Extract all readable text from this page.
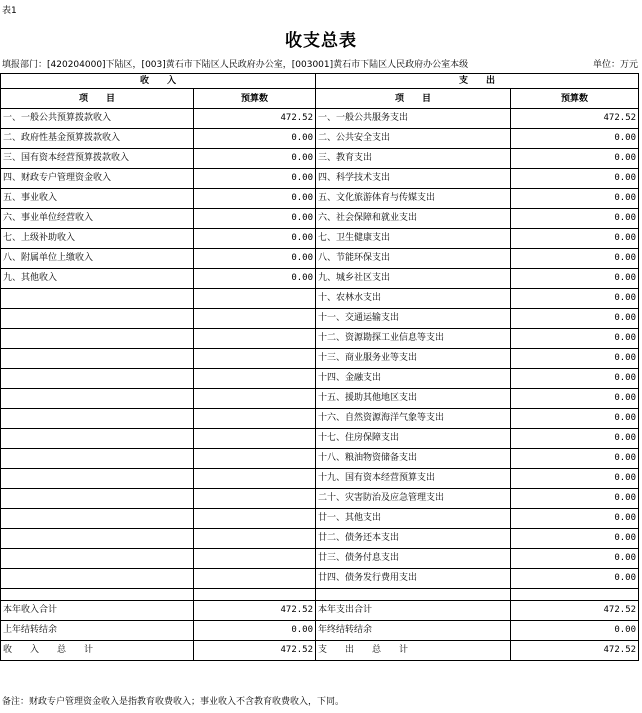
表1
收支总表
填报部门：[420204000]下陆区，[003]黄石市下陆区人民政府办公室，[003001]黄石市下陆区人民政府办公室本级	单位：万元
收　　入		支　　出	
项　　目	预算数	项　　目	预算数
一、一般公共预算拨款收入	472.52	一、一般公共服务支出	472.52
二、政府性基金预算拨款收入	0.00	二、公共安全支出	0.00
三、国有资本经营预算拨款收入	0.00	三、教育支出	0.00
四、财政专户管理资金收入	0.00	四、科学技术支出	0.00
五、事业收入	0.00	五、文化旅游体育与传媒支出	0.00
六、事业单位经营收入	0.00	六、社会保障和就业支出	0.00
七、上级补助收入	0.00	七、卫生健康支出	0.00
八、附属单位上缴收入	0.00	八、节能环保支出	0.00
九、其他收入	0.00	九、城乡社区支出	0.00
		十、农林水支出	0.00
		十一、交通运输支出	0.00
		十二、资源勘探工业信息等支出	0.00
		十三、商业服务业等支出	0.00
		十四、金融支出	0.00
		十五、援助其他地区支出	0.00
		十六、自然资源海洋气象等支出	0.00
		十七、住房保障支出	0.00
		十八、粮油物资储备支出	0.00
		十九、国有资本经营预算支出	0.00
		二十、灾害防治及应急管理支出	0.00
		廿一、其他支出	0.00
		廿二、债务还本支出	0.00
		廿三、债务付息支出	0.00
		廿四、债务发行费用支出	0.00

本年收入合计	472.52	本年支出合计	472.52
上年结转结余	0.00	年终结转结余	0.00
收　　入　　总　　计	472.52	支　　出　　总　　计	472.52
备注：财政专户管理资金收入是指教育收费收入；事业收入不含教育收费收入，下同。
